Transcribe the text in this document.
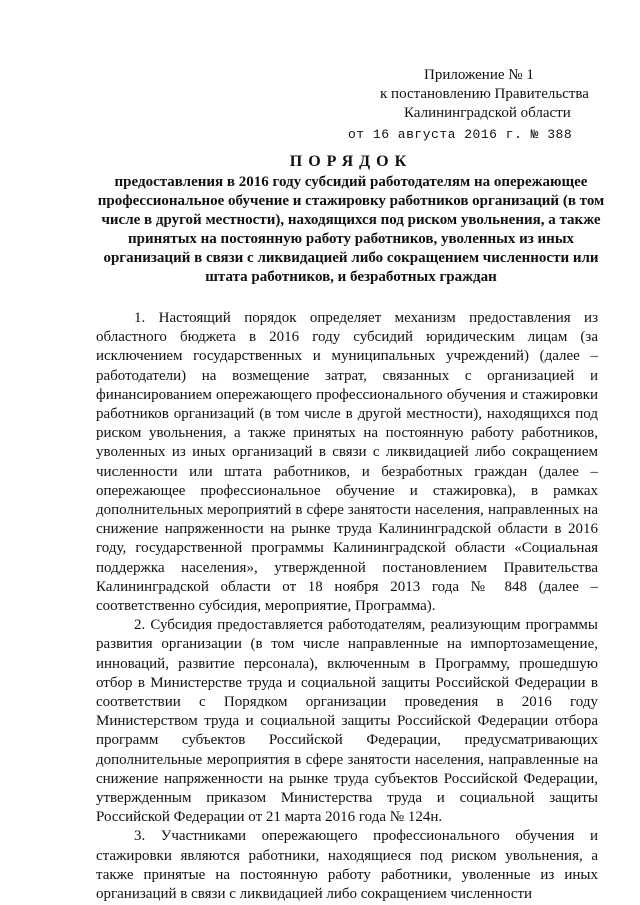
Приложение № 1
к постановлению Правительства
Калининградской области
от 16 августа 2016 г. № 388
ПОРЯДОК
предоставления в 2016 году субсидий работодателям на опережающее профессиональное обучение и стажировку работников организаций (в том числе в другой местности), находящихся под риском увольнения, а также принятых на постоянную работу работников, уволенных из иных организаций в связи с ликвидацией либо сокращением численности или штата работников, и безработных граждан

1. Настоящий порядок определяет механизм предоставления из областного бюджета в 2016 году субсидий юридическим лицам (за исключением государственных и муниципальных учреждений) (далее – работодатели) на возмещение затрат, связанных с организацией и финансированием опережающего профессионального обучения и стажировки работников организаций (в том числе в другой местности), находящихся под риском увольнения, а также принятых на постоянную работу работников, уволенных из иных организаций в связи с ликвидацией либо сокращением численности или штата работников, и безработных граждан (далее – опережающее профессиональное обучение и стажировка), в рамках дополнительных мероприятий в сфере занятости населения, направленных на снижение напряженности на рынке труда Калининградской области в 2016 году, государственной программы Калининградской области «Социальная поддержка населения», утвержденной постановлением Правительства Калининградской области от 18 ноября 2013 года № 848 (далее – соответственно субсидия, мероприятие, Программа).

2. Субсидия предоставляется работодателям, реализующим программы развития организации (в том числе направленные на импортозамещение, инноваций, развитие персонала), включенным в Программу, прошедшую отбор в Министерстве труда и социальной защиты Российской Федерации в соответствии с Порядком организации проведения в 2016 году Министерством труда и социальной защиты Российской Федерации отбора программ субъектов Российской Федерации, предусматривающих дополнительные мероприятия в сфере занятости населения, направленные на снижение напряженности на рынке труда субъектов Российской Федерации, утвержденным приказом Министерства труда и социальной защиты Российской Федерации от 21 марта 2016 года № 124н.

3. Участниками опережающего профессионального обучения и стажировки являются работники, находящиеся под риском увольнения, а также принятые на постоянную работу работники, уволенные из иных организаций в связи с ликвидацией либо сокращением численности
